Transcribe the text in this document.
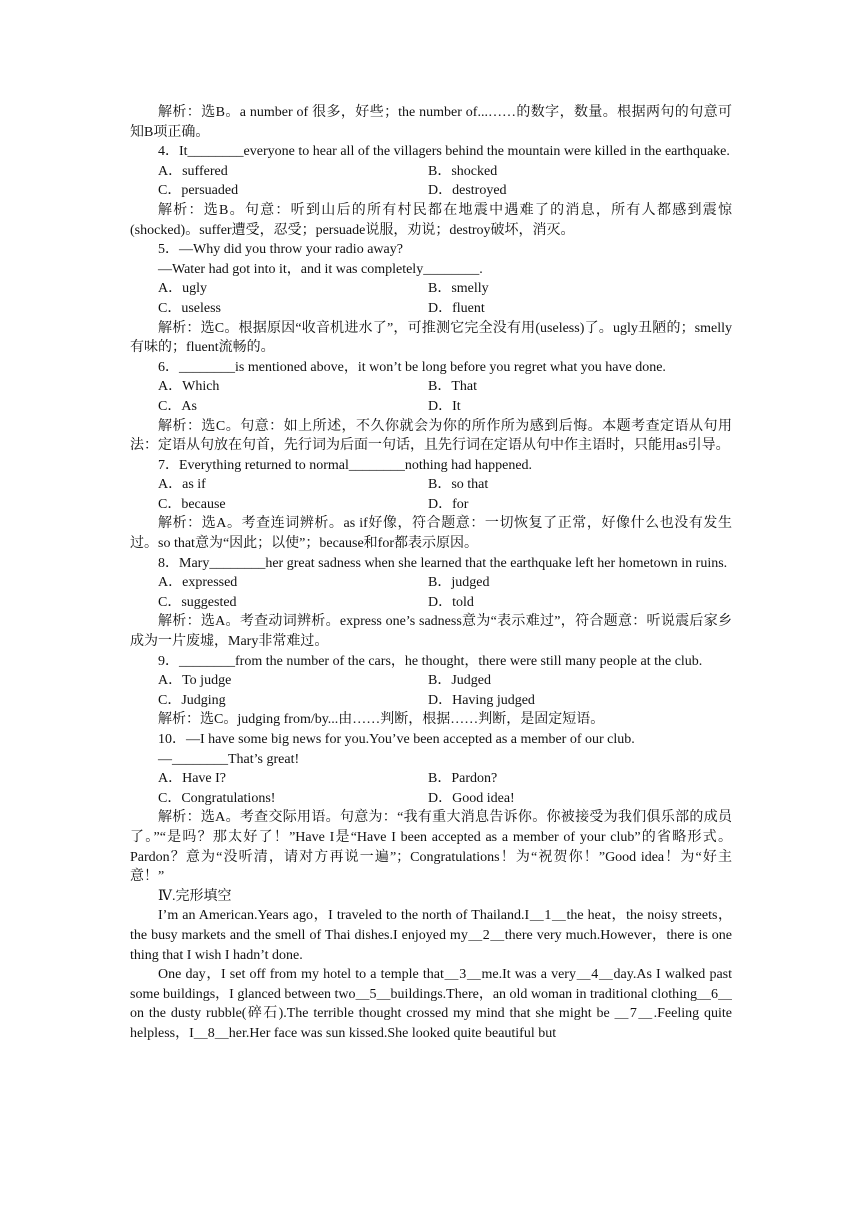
解析：选B。a number of 很多，好些；the number of...……的数字，数量。根据两句的句意可知B项正确。

4．It________everyone to hear all of the villagers behind the mountain were killed in the earthquake.

A．suffered	B．shocked
C．persuaded	D．destroyed

解析：选B。句意：听到山后的所有村民都在地震中遇难了的消息，所有人都感到震惊(shocked)。suffer遭受，忍受；persuade说服，劝说；destroy破坏，消灭。

5．—Why did you throw your radio away?

—Water had got into it，and it was completely________.

A．ugly	B．smelly
C．useless	D．fluent

解析：选C。根据原因“收音机进水了”，可推测它完全没有用(useless)了。ugly丑陋的；smelly有味的；fluent流畅的。

6．________is mentioned above，it won’t be long before you regret what you have done.

A．Which	B．That
C．As	D．It

解析：选C。句意：如上所述，不久你就会为你的所作所为感到后悔。本题考查定语从句用法：定语从句放在句首，先行词为后面一句话，且先行词在定语从句中作主语时，只能用as引导。

7．Everything returned to normal________nothing had happened.

A．as if	B．so that
C．because	D．for

解析：选A。考查连词辨析。as if好像，符合题意：一切恢复了正常，好像什么也没有发生过。so that意为“因此；以使”；because和for都表示原因。

8．Mary________her great sadness when she learned that the earthquake left her hometown in ruins.

A．expressed	B．judged
C．suggested	D．told

解析：选A。考查动词辨析。express one’s sadness意为“表示难过”，符合题意：听说震后家乡成为一片废墟，Mary非常难过。

9．________from the number of the cars，he thought，there were still many people at the club.

A．To judge	B．Judged
C．Judging	D．Having judged

解析：选C。judging from/by...由……判断，根据……判断，是固定短语。

10．—I have some big news for you.You’ve been accepted as a member of our club.

—________That’s great!

A．Have I?	B．Pardon?
C．Congratulations!	D．Good idea!

解析：选A。考查交际用语。句意为：“我有重大消息告诉你。你被接受为我们俱乐部的成员了。”“是吗？那太好了！”Have I是“Have I been accepted as a member of your club”的省略形式。Pardon？意为“没听清，请对方再说一遍”；Congratulations！为“祝贺你！”Good idea！为“好主意！”

Ⅳ.完形填空

I’m an American.Years ago，I traveled to the north of Thailand.I＿1＿the heat，the noisy streets，the busy markets and the smell of Thai dishes.I enjoyed my＿2＿there very much.However，there is one thing that I wish I hadn’t done.

One day，I set off from my hotel to a temple that＿3＿me.It was a very＿4＿day.As I walked past some buildings，I glanced between two＿5＿buildings.There，an old woman in traditional clothing＿6＿on the dusty rubble(碎石).The terrible thought crossed my mind that she might be ＿7＿.Feeling quite helpless，I＿8＿her.Her face was sun kissed.She looked quite beautiful but
